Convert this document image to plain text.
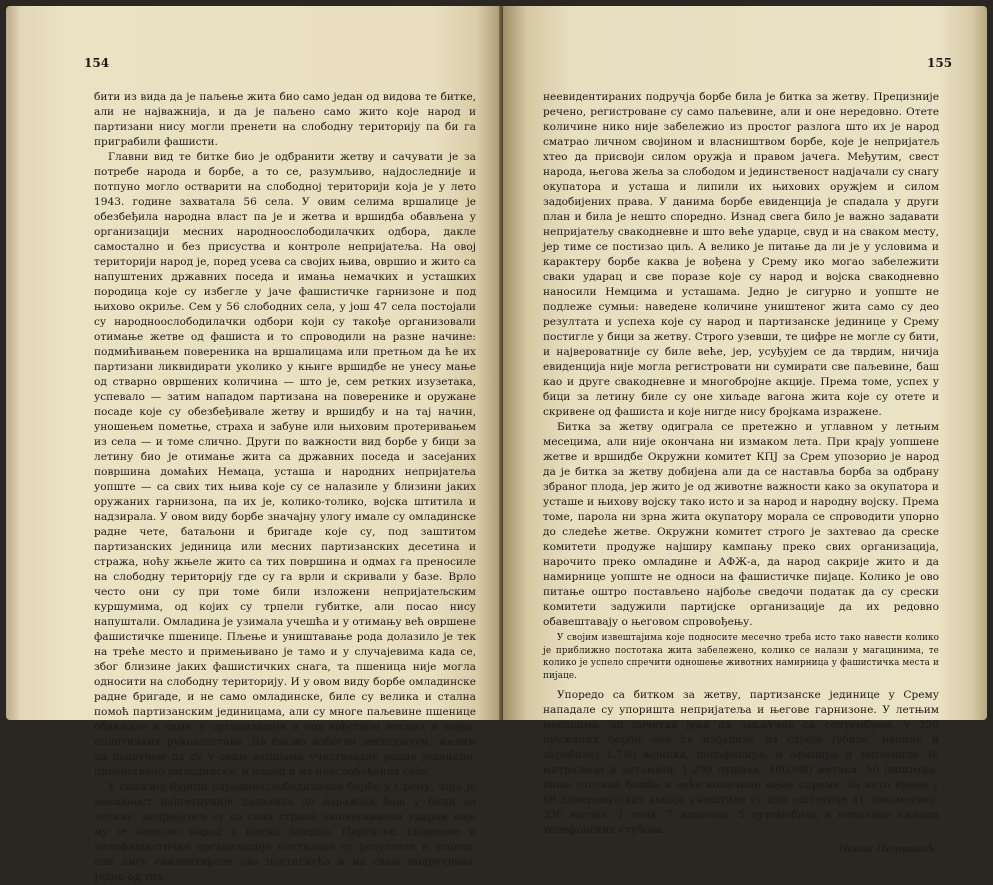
154

бити из вида да је паљење жита био само један од видова те битке, али не најважнија, и да је паљено само жито које народ и партизани нису могли пренети на слободну територију па би га приграбили фашисти.

Главни вид те битке био је одбранити жетву и сачувати је за потребе народа и борбе, а то се, разумљиво, најдоследније и потпуно могло остварити на слободној територији која је у лето 1943. године захватала 56 села. У овим селима вршалице је обезбеђила народна власт па је и жетва и вршидба обављена у организацији месних народноослободилачких одбора, дакле самостално и без присуства и контроле непријатеља. На овој територији народ је, поред усева са својих њива, овршио и жито са напуштених државних поседа и имања немачких и усташких породица које су избегле у јаче фашистичке гарнизоне и под њихово окриље. Сем у 56 слободних села, у још 47 села постојали су народноослободилачки одбори који су такође организовали отимање жетве од фашиста и то спроводили на разне начине: подмићивањем повереника на вршалицама или претњом да ће их партизани ликвидирати уколико у књиге вршидбе не унесу мање од стварно овршених количина — што је, сем ретких изузетака, успевало — затим нападом партизана на поверенике и оружане посаде које су обезбеђивале жетву и вршидбу и на тај начин, уношењем пометње, страха и забуне или њиховим протеривањем из села — и томе слично. Други по важности вид борбе у бици за летину био је отимање жита са државних поседа и засејаних површина домаћих Немаца, усташа и народних непријатеља уопште — са свих тих њива које су се налазиле у близини јаких оружаних гарнизона, па их је, колико-толико, војска штитила и надзирала. У овом виду борбе значајну улогу имале су омладинске радне чете, батаљони и бригаде које су, под заштитом партизанских јединица или месних партизанских десетина и стража, ноћу жњеле жито са тих површина и одмах га преносиле на слободну територију где су га врли и скривали у базе. Врло често они су при томе били изложени непријатељским куршумима, од којих су трпели губитке, али посао нису напуштали. Омладина је узимала учешћа и у отимању већ овршене фашистичке пшенице. Пљење и уништавање рода долазило је тек на треће место и примењивано је тамо и у случајевима када се, због близине јаких фашистичких снага, та пшеница није могла односити на слободну територију. И у овом виду борбе омладинске радне бригаде, и не само омладинске, биле су велика и стална помоћ партизанским јединицама, али су многе паљевине пшенице обављале и саме, у организацији и под вођством месних и војно-политичких руководстава. Да бисмо избегли неспоразум, желим да подвучем да су у овим акцијама учествовале радне јединице, првенствено омладинске, и народ и из неослобођених села.

У снажној бујици народноослободилачке борбе у Срему, чија је масовност најпотпуније долазила до изражаја баш у бици за летину, непријатељ су са свих страна запљускивали ударци које му је наносио народ и војска заједно. Партиске, скојевске и антифашистичке организације постизале су резултате и успехе, али нису евидентирале сва постигнућа и на свим подручјима. Једно од тих

155

неевидентираних подручја борбе била је битка за жетву. Прецизније речено, регистроване су само паљевине, али и оне нередовно. Отете количине нико није забележио из простог разлога што их је народ сматрао личном својином и власништвом борбе, које је непријатељ хтео да присвоји силом оружја и правом јачега. Међутим, свест народа, његова жеља за слободом и јединственост надјачали су снагу окупатора и усташа и липили их њихових оружјем и силом задобијених права. У данима борбе евиденција је спадала у други план и била је нешто споредно. Изнад свега било је важно задавати непријатељу свакодневне и што веће ударце, свуд и на сваком месту, јер тиме се постизао циљ. А велико је питање да ли је у условима и карактеру борбе каква је вођена у Срему ико могао забележити свaки ударац и све поразе које су народ и војска свакодневно наносили Немцима и усташама. Једно је сигурно и уопште не подлеже сумњи: наведене количине уништеног жита само су део резултата и успеха које су народ и партизанске јединице у Срему постигле у бици за жетву. Строго узевши, те цифре не могле су бити, и највероватније су биле веће, јер, усуђујем се да тврдим, ничија евиденција није могла регистровати ни сумирати све паљевине, баш као и друге свакодневне и многобројне акције. Према томе, успех у бици за летину биле су оне хиљаде вагона жита које су отете и скривене од фашиста и које нигде нису бројкама изражене.

Битка за жетву одиграла се претежно и углавном у летњим месецима, али није окончана ни измаком лета. При крају уопшене жетве и вршидбе Окружни комитет КПЈ за Срем упозорио је народ да је битка за жетву добијена али да се наставља борба за одбрану збраног плода, јер жито је од животне важности како за окупатора и усташе и њихову војску тако исто и за народ и народну војску. Према томе, парола ни зрна жита окупатору морала се спроводити упорно до следеће жетве. Окружни комитет строго је захтевао да среске комитети продуже најширу кампању преко свих организација, нарочито преко омладине и АФЖ-а, да народ сакрије жито и да намирнице уопште не односи на фашистичке пијаце. Колико је ово питање оштро постављено најбоље сведочи податак да су срески комитети задужили партијске организације да их редовно обавештавају о његовом спровођењу.

У својим извештајима које подносите месечно треба исто тако навести колико је приближно постотака жита забележено, колико се налази у магацинима, те колико је успело спречити одношење животних намирница у фашистичка места и пијаце.

Упоредо са битком за жетву, партизанске јединице у Срему нападале су упоришта непријатеља и његове гарнизоне. У летњим месецима, од почетка јуна па закључно са септембром, у 250 оружаних борби оне су избациле из строја (убиле, раниле и заробиле) 1.750 војника, подофицира, и официра и заплениле 30 митраљеза и аутомата, 1.290 пушака, 100.000 метака, 50 пиштоља, више стотина бомби и веће количине војне спреме. За исто време у 69 диверзантских акција уништиле су или оштетиле 41 локомотиву, 230 вагона, 1 тенк, 7 камиона, 5 аутомобила и неколико хиљада телефонских стубова.

Новак Петровић
